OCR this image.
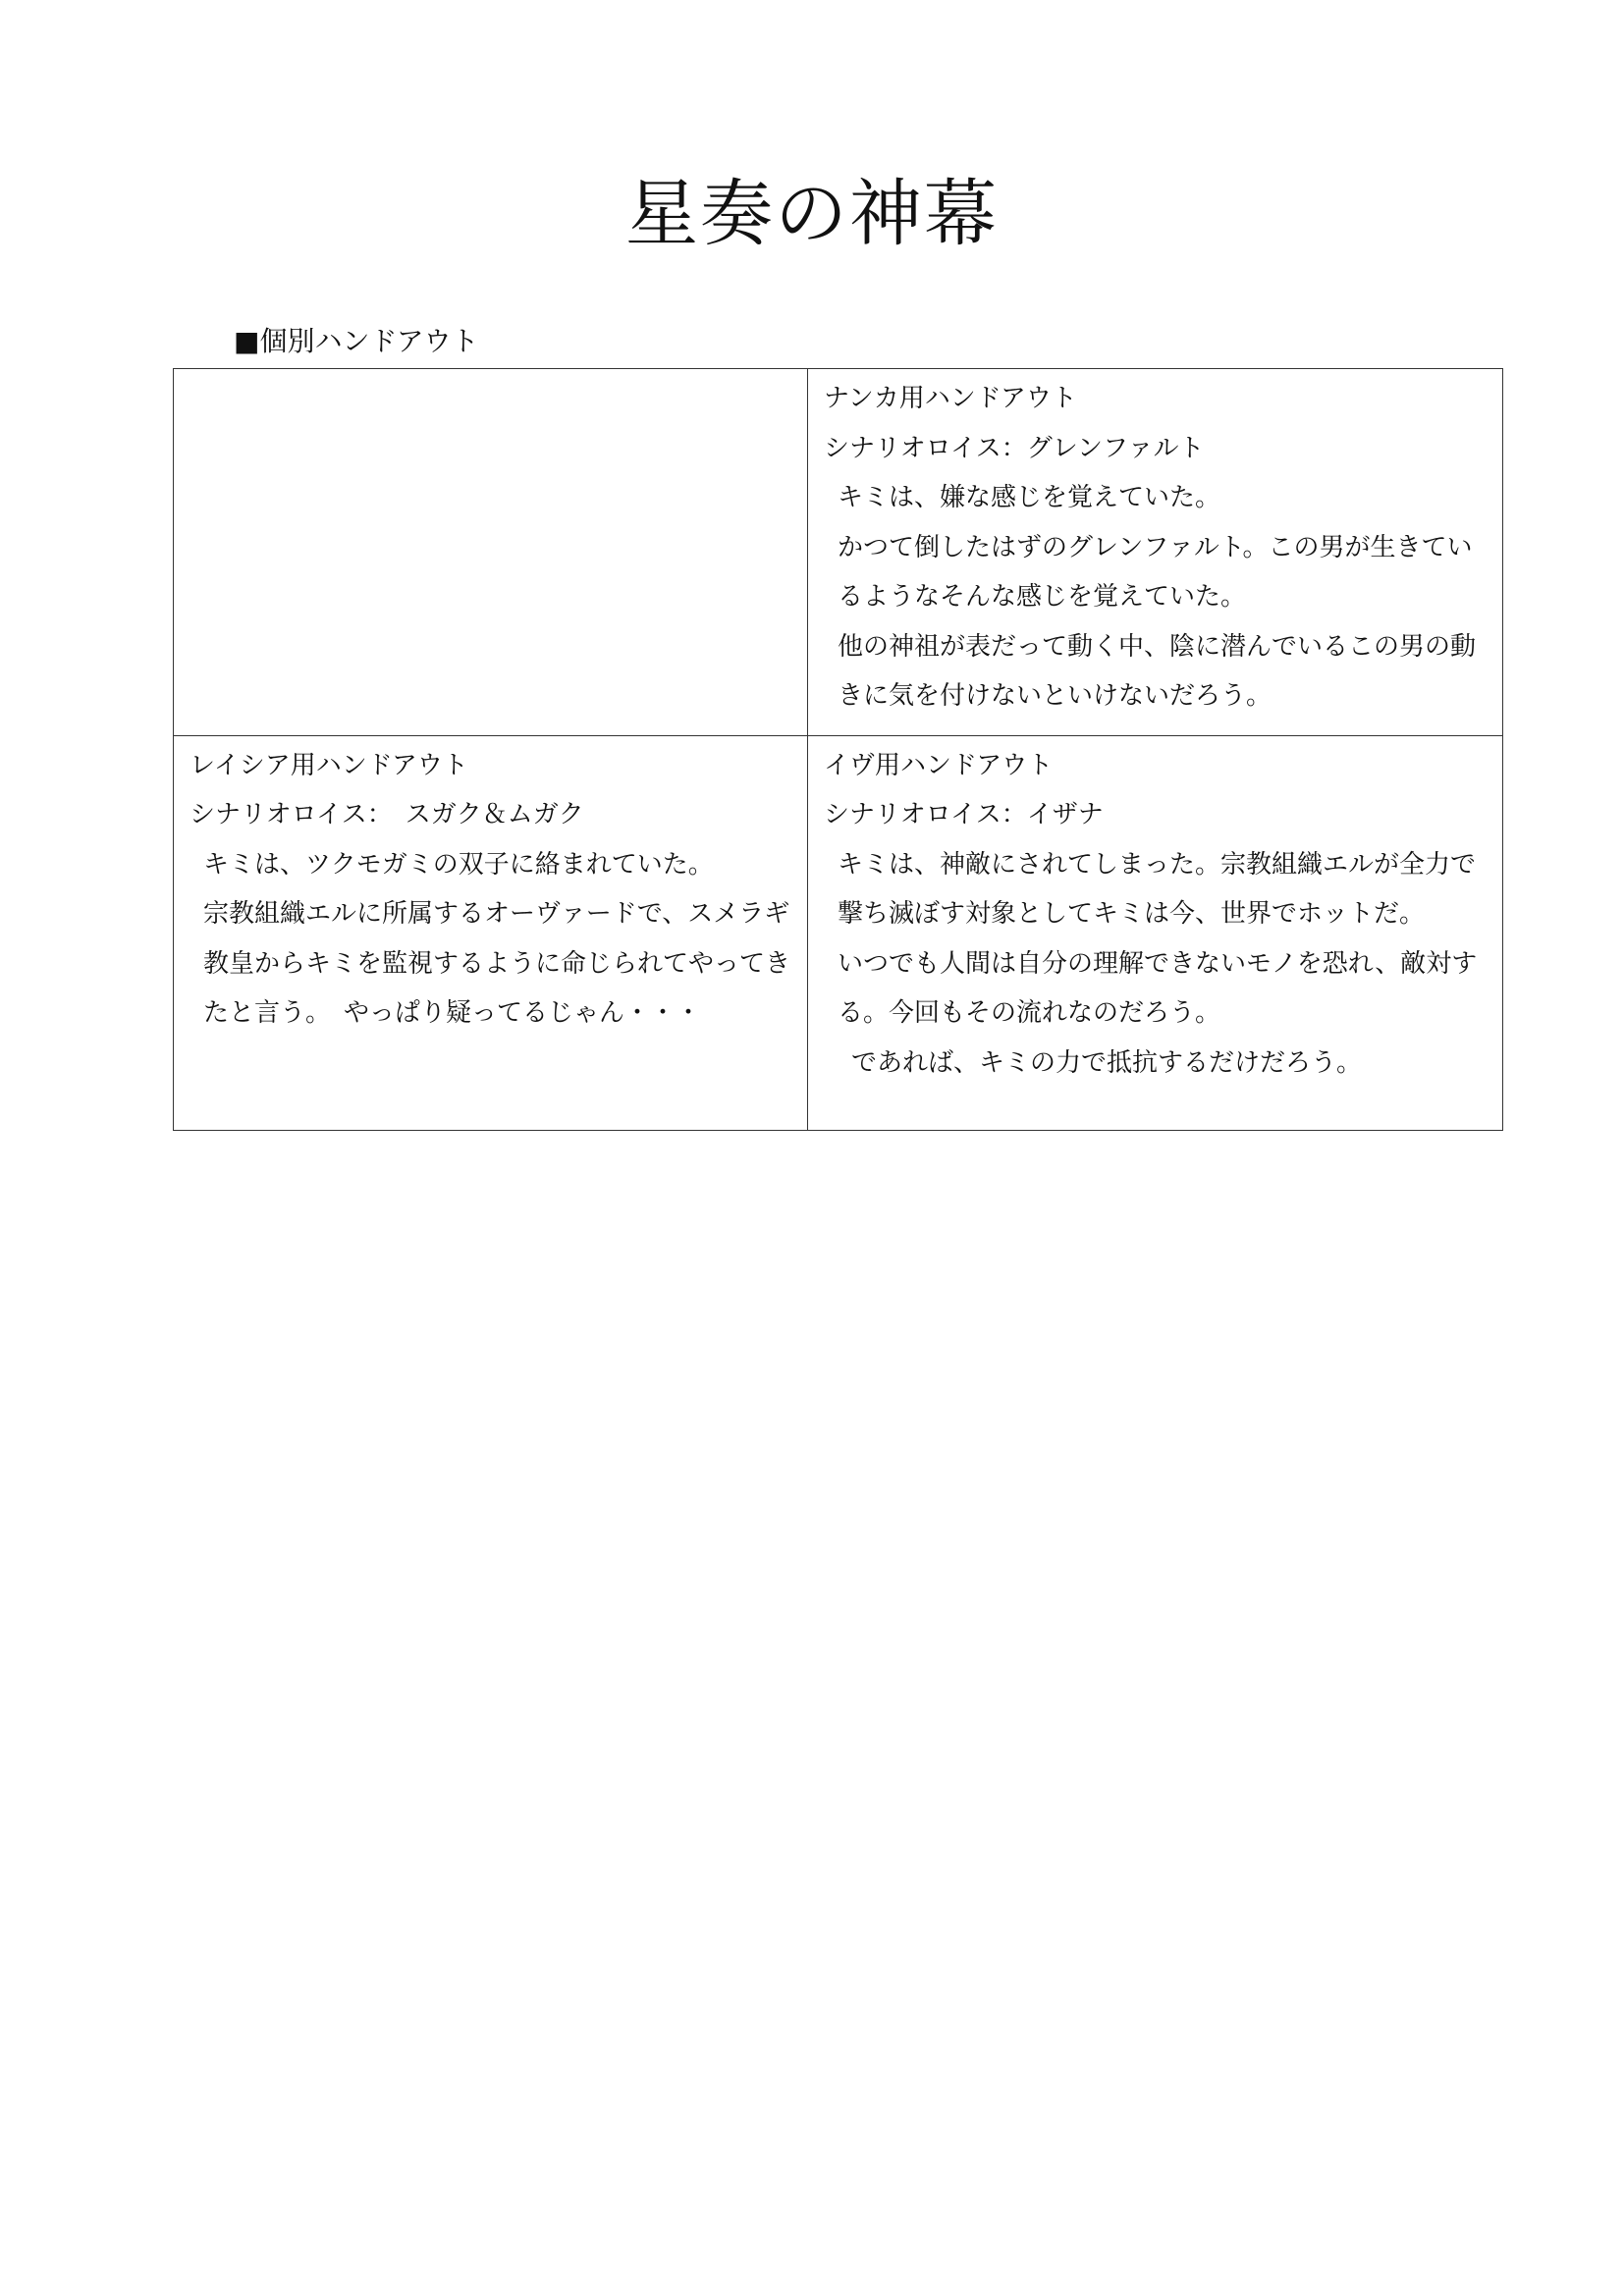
星奏の神幕
■個別ハンドアウト

	ナンカ用ハンドアウト
シナリオロイス：グレンファルト
キミは、嫌な感じを覚えていた。
かつて倒したはずのグレンファルト。この男が生きているようなそんな感じを覚えていた。
他の神祖が表だって動く中、陰に潜んでいるこの男の動きに気を付けないといけないだろう。

レイシア用ハンドアウト
シナリオロイス：　スガク＆ムガク
キミは、ツクモガミの双子に絡まれていた。
宗教組織エルに所属するオーヴァードで、スメラギ教皇からキミを監視するように命じられてやってきたと言う。　やっぱり疑ってるじゃん・・・	イヴ用ハンドアウト
シナリオロイス：イザナ
キミは、神敵にされてしまった。宗教組織エルが全力で撃ち滅ぼす対象としてキミは今、世界でホットだ。
いつでも人間は自分の理解できないモノを恐れ、敵対する。今回もその流れなのだろう。
であれば、キミの力で抵抗するだけだろう。
